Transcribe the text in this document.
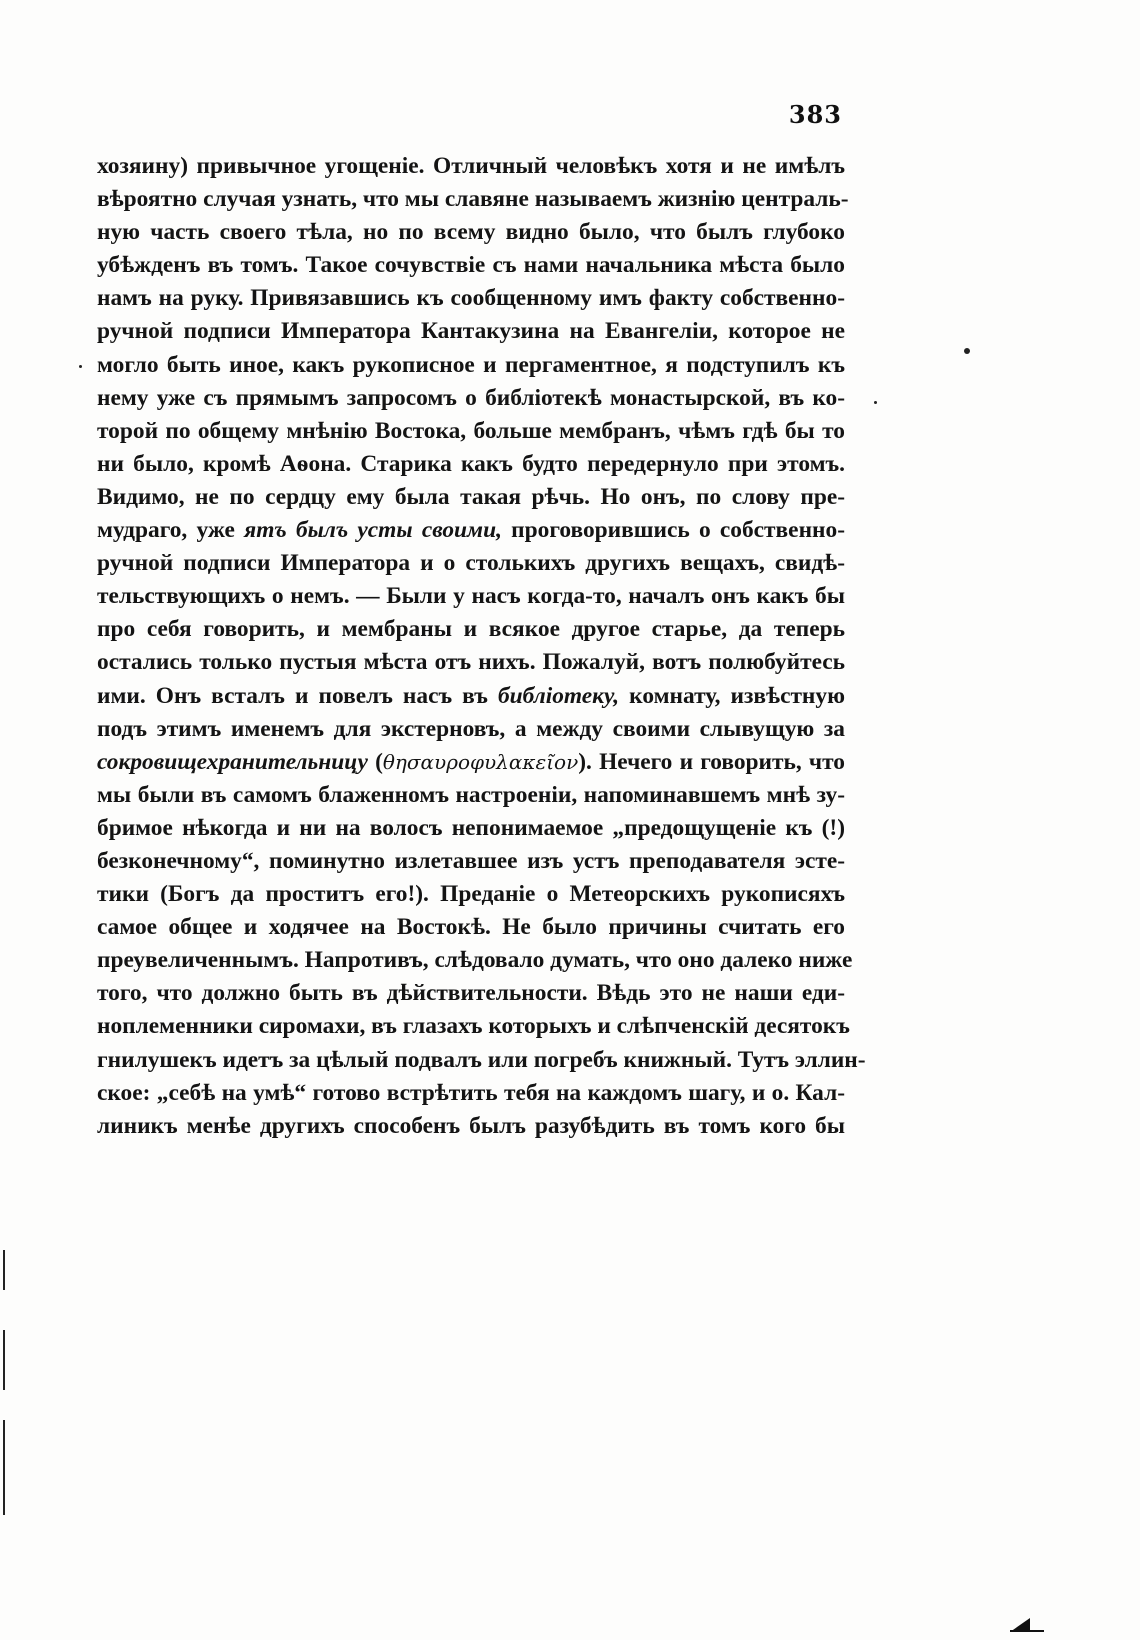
383
хозяину) привычное угощеніе. Отличный человѣкъ хотя и не имѣлъ
вѣроятно случая узнать, что мы славяне называемъ жизнію централь-
ную часть своего тѣла, но по всему видно было, что былъ глубоко
убѣжденъ въ томъ. Такое сочувствіе съ нами начальника мѣста было
намъ на руку. Привязавшись къ сообщенному имъ факту собственно-
ручной подписи Императора Кантакузина на Евангеліи, которое не
могло быть иное, какъ рукописное и пергаментное, я подступилъ къ
нему уже съ прямымъ запросомъ о библіотекѣ монастырской, въ ко-
торой по общему мнѣнію Востока, больше мембранъ, чѣмъ гдѣ бы то
ни было, кромѣ Аѳона. Старика какъ будто передернуло при этомъ.
Видимо, не по сердцу ему была такая рѣчь. Но онъ, по слову пре-
мудраго, уже ятъ былъ усты своими, проговорившись о собственно-
ручной подписи Императора и о столькихъ другихъ вещахъ, свидѣ-
тельствующихъ о немъ. — Были у насъ когда-то, началъ онъ какъ бы
про себя говорить, и мембраны и всякое другое старье, да теперь
остались только пустыя мѣста отъ нихъ. Пожалуй, вотъ полюбуйтесь
ими. Онъ всталъ и повелъ насъ въ библіотеку, комнату, извѣстную
подъ этимъ именемъ для экстерновъ, а между своими слывущую за
сокровищехранительницу (θησαυροφυλακεῖον). Нечего и говорить, что
мы были въ самомъ блаженномъ настроеніи, напоминавшемъ мнѣ зу-
бримое нѣкогда и ни на волосъ непонимаемое „предощущеніе къ (!)
безконечному“, поминутно излетавшее изъ устъ преподавателя эсте-
тики (Богъ да проститъ его!). Преданіе о Метеорскихъ рукописяхъ
самое общее и ходячее на Востокѣ. Не было причины считать его
преувеличеннымъ. Напротивъ, слѣдовало думать, что оно далеко ниже
того, что должно быть въ дѣйствительности. Вѣдь это не наши еди-
ноплеменники сиромахи, въ глазахъ которыхъ и слѣпченскій десятокъ
гнилушекъ идетъ за цѣлый подвалъ или погребъ книжный. Тутъ эллин-
ское: „себѣ на умѣ“ готово встрѣтить тебя на каждомъ шагу, и о. Кал-
линикъ менѣе другихъ способенъ былъ разубѣдить въ томъ кого бы
